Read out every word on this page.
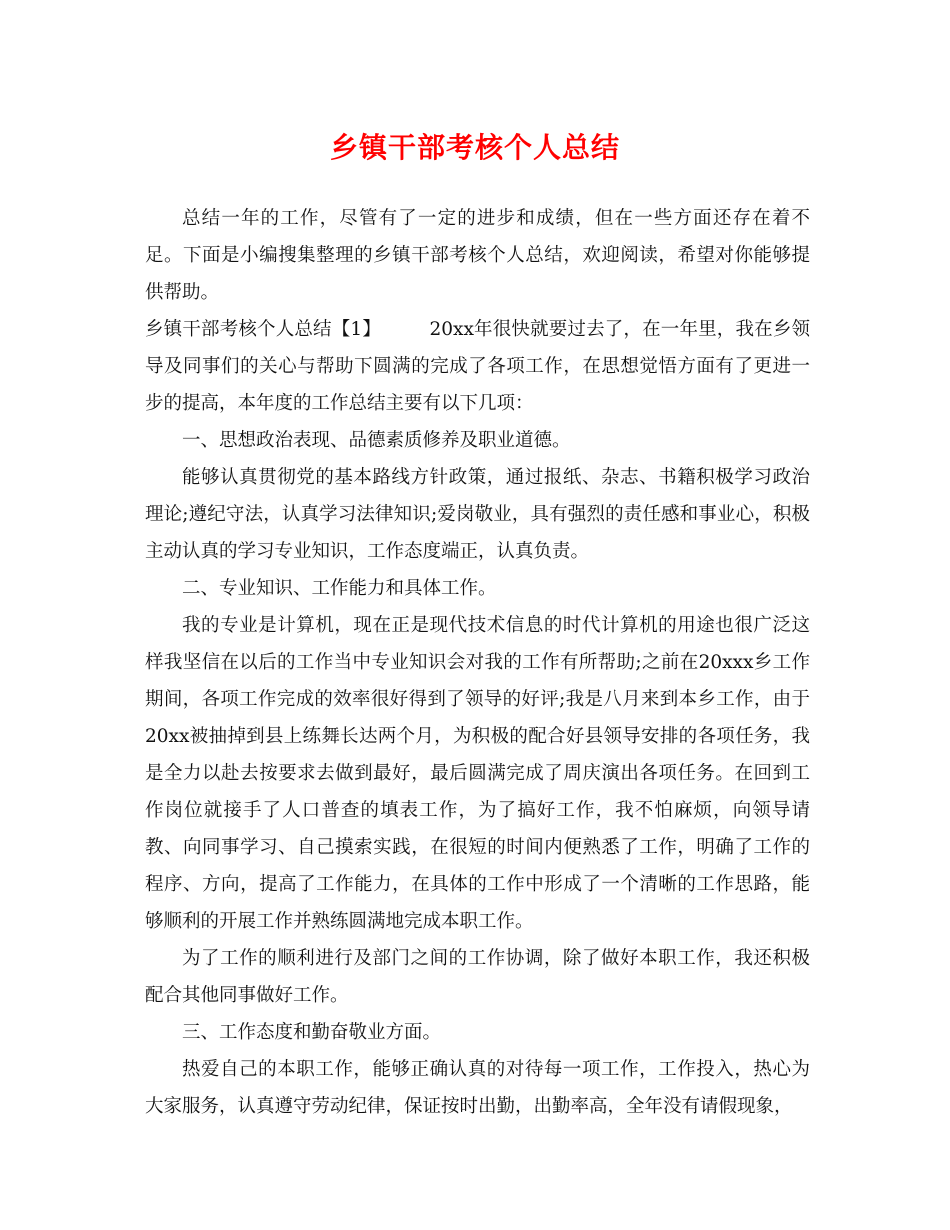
乡镇干部考核个人总结

总结一年的工作，尽管有了一定的进步和成绩，但在一些方面还存在着不足。下面是小编搜集整理的乡镇干部考核个人总结，欢迎阅读，希望对你能够提供帮助。

乡镇干部考核个人总结【1】	20xx年很快就要过去了，在一年里，我在乡领导及同事们的关心与帮助下圆满的完成了各项工作，在思想觉悟方面有了更进一步的提高，本年度的工作总结主要有以下几项：

一、思想政治表现、品德素质修养及职业道德。

能够认真贯彻党的基本路线方针政策，通过报纸、杂志、书籍积极学习政治理论;遵纪守法，认真学习法律知识;爱岗敬业，具有强烈的责任感和事业心，积极主动认真的学习专业知识，工作态度端正，认真负责。

二、专业知识、工作能力和具体工作。

我的专业是计算机，现在正是现代技术信息的时代计算机的用途也很广泛这样我坚信在以后的工作当中专业知识会对我的工作有所帮助;之前在20xxx乡工作期间，各项工作完成的效率很好得到了领导的好评;我是八月来到本乡工作，由于20xx被抽掉到县上练舞长达两个月，为积极的配合好县领导安排的各项任务，我是全力以赴去按要求去做到最好，最后圆满完成了周庆演出各项任务。在回到工作岗位就接手了人口普查的填表工作，为了搞好工作，我不怕麻烦，向领导请教、向同事学习、自己摸索实践，在很短的时间内便熟悉了工作，明确了工作的程序、方向，提高了工作能力，在具体的工作中形成了一个清晰的工作思路，能够顺利的开展工作并熟练圆满地完成本职工作。

为了工作的顺利进行及部门之间的工作协调，除了做好本职工作，我还积极配合其他同事做好工作。

三、工作态度和勤奋敬业方面。

热爱自己的本职工作，能够正确认真的对待每一项工作，工作投入，热心为大家服务，认真遵守劳动纪律，保证按时出勤，出勤率高，全年没有请假现象，
